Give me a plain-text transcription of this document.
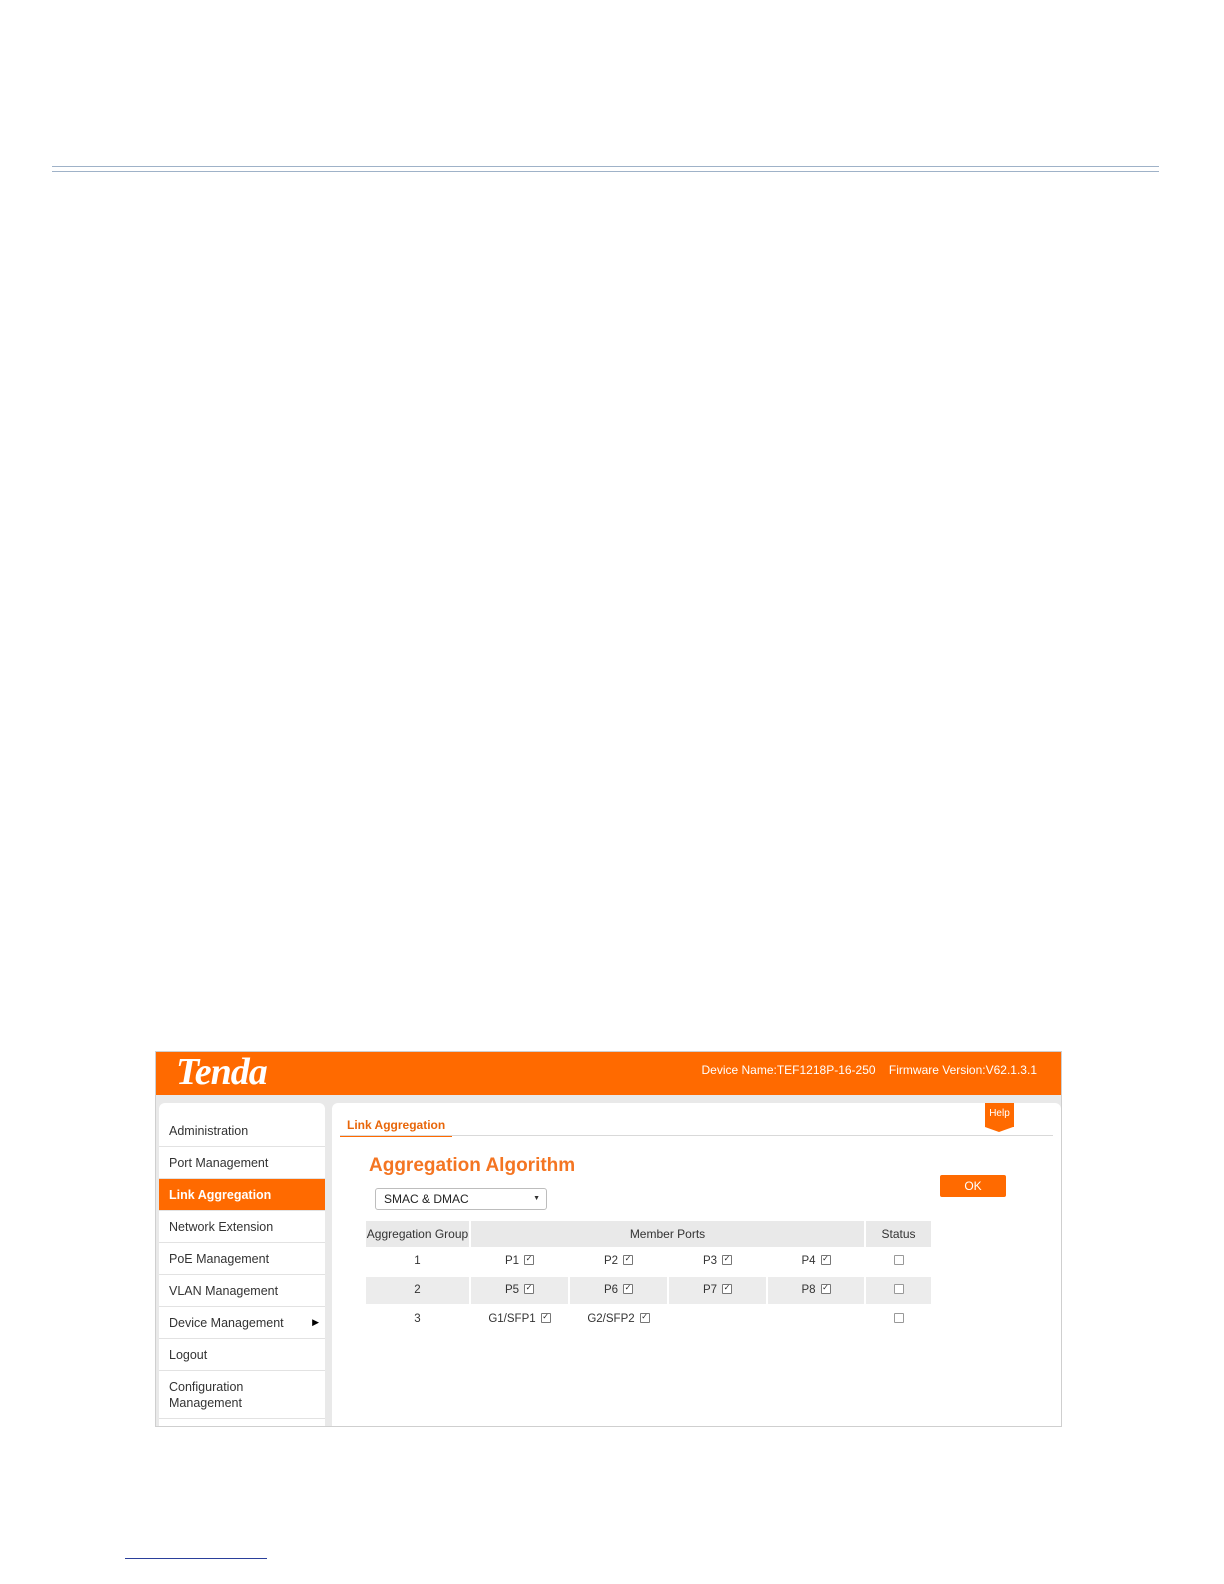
Tenda	Device Name:TEF1218P-16-250 Firmware Version:V62.1.3.1
Administration
Port Management
Link Aggregation
Network Extension
PoE Management
VLAN Management
Device Management	▶
Logout
Configuration Management
Link Aggregation
Help
Aggregation Algorithm
SMAC & DMAC	▼
OK
Aggregation Group	Member Ports	Status
1	P1 ✓	P2 ✓	P3 ✓	P4✓
2	P5 ✓	P6 ✓	P7 ✓	P8✓
3	G1/SFP1 ✓	G2/SFP2✓
